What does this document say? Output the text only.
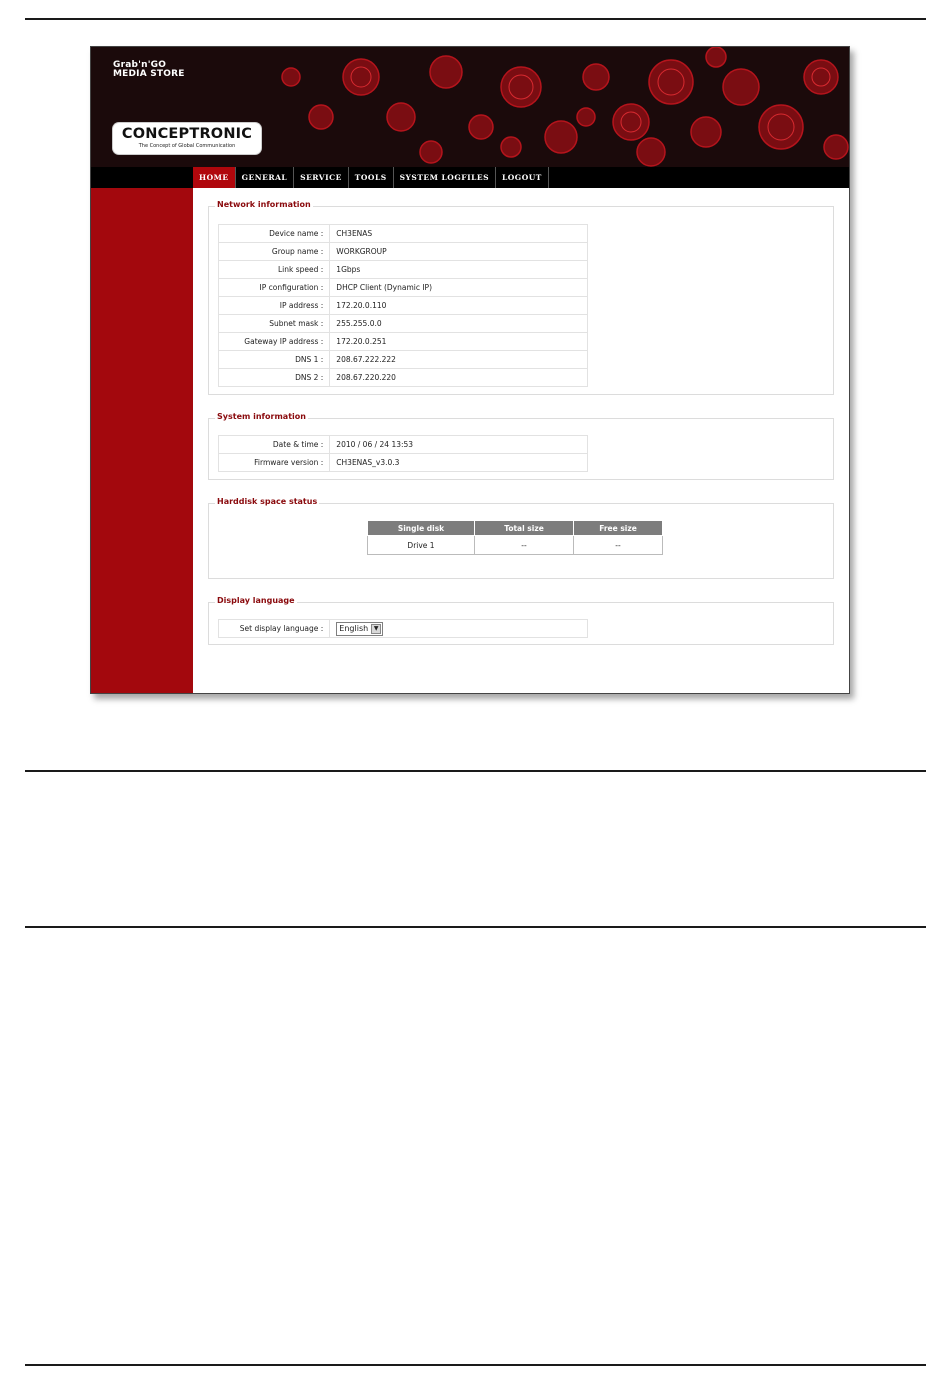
Grab'n'GO
MEDIA STORE
CONCEPTRONIC
The Concept of Global Communication
HOME	GENERAL	SERVICE	TOOLS	SYSTEM LOGFILES	LOGOUT
Network information
Device name :	CH3ENAS
Group name :	WORKGROUP
Link speed :	1Gbps
IP configuration :	DHCP Client (Dynamic IP)
IP address :	172.20.0.110
Subnet mask :	255.255.0.0
Gateway IP address :	172.20.0.251
DNS 1 :	208.67.222.222
DNS 2 :	208.67.220.220
System information
Date & time :	2010 / 06 / 24 13:53
Firmware version :	CH3ENAS_v3.0.3
Harddisk space status
Single disk	Total size	Free size
Drive 1	--	--
Display language
Set display language :	English ▼
